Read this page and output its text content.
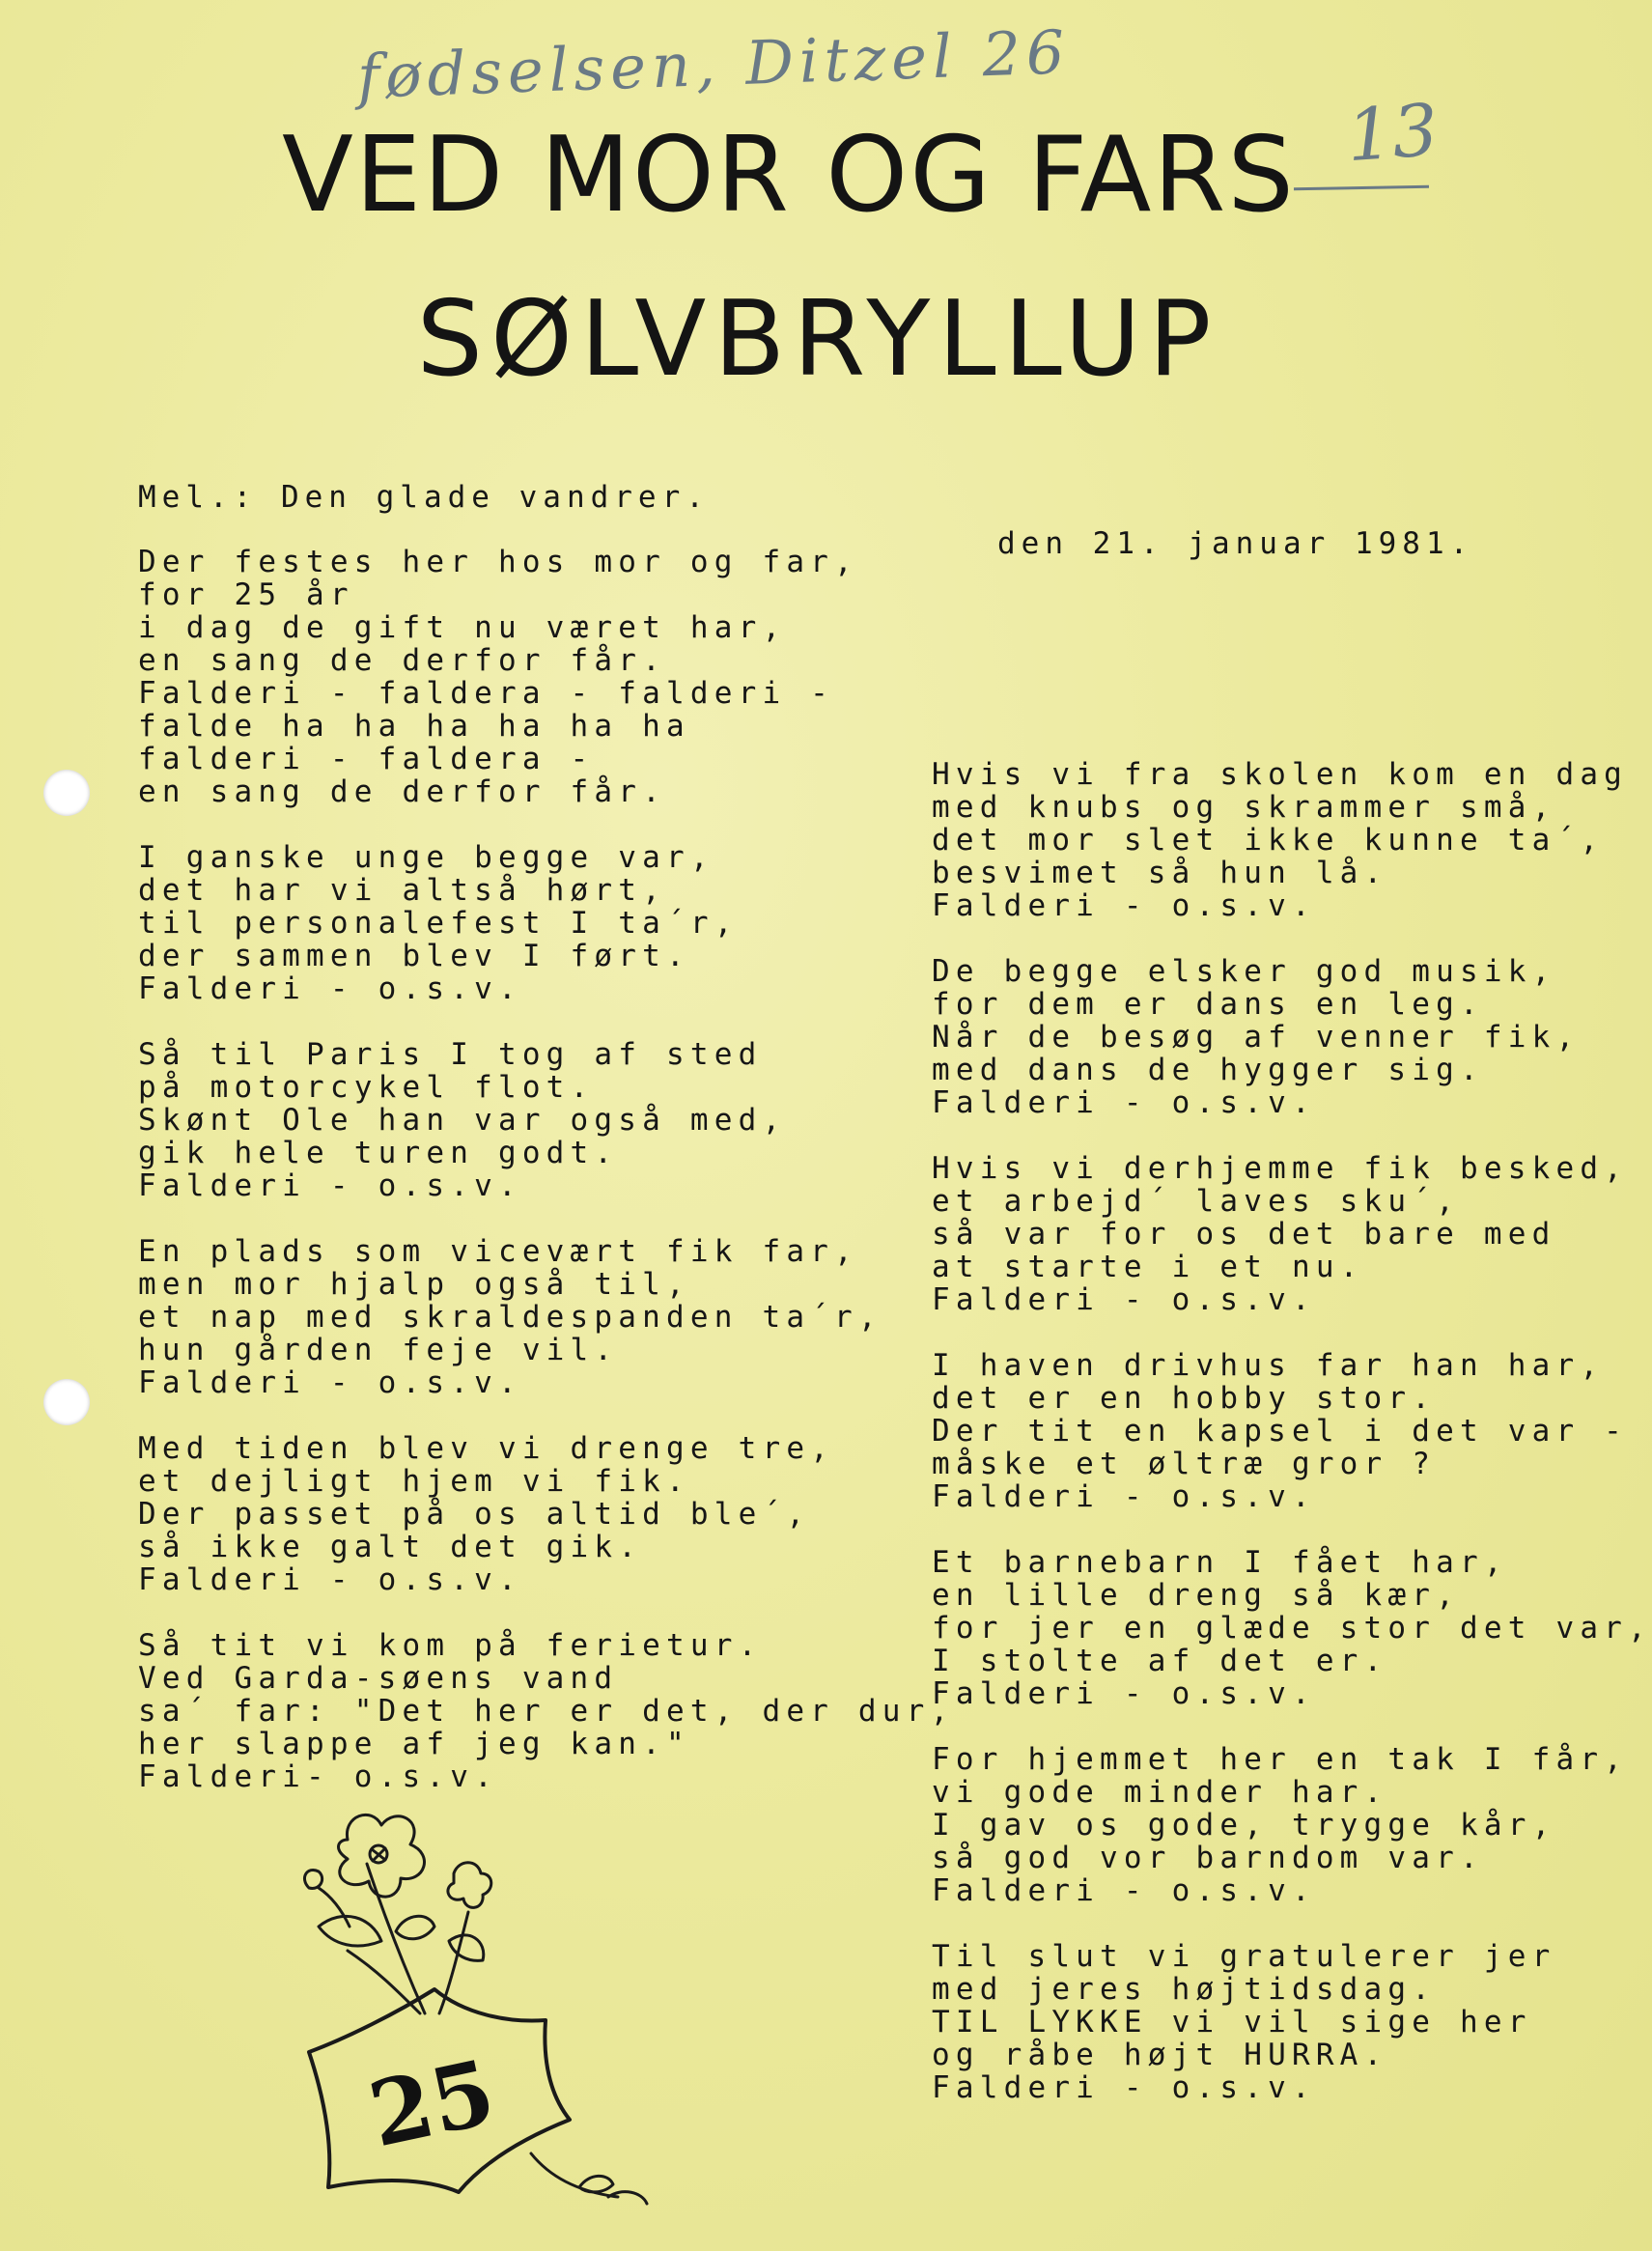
fødselsen, Ditzel 26
13
VED MOR OG FARS
SØLVBRYLLUP
Mel.: Den glade vandrer.
den 21. januar 1981.
Der festes her hos mor og far,
for 25 år
i dag de gift nu været har,
en sang de derfor får.
Falderi - faldera - falderi -
falde ha ha ha ha ha ha
falderi - faldera -
en sang de derfor får.
I ganske unge begge var,
det har vi altså hørt,
til personalefest I ta´r,
der sammen blev I ført.
Falderi - o.s.v.
Så til Paris I tog af sted
på motorcykel flot.
Skønt Ole han var også med,
gik hele turen godt.
Falderi - o.s.v.
En plads som vicevært fik far,
men mor hjalp også til,
et nap med skraldespanden ta´r,
hun gården feje vil.
Falderi - o.s.v.
Med tiden blev vi drenge tre,
et dejligt hjem vi fik.
Der passet på os altid ble´,
så ikke galt det gik.
Falderi - o.s.v.
Så tit vi kom på ferietur.
Ved Garda-søens vand
sa´ far: "Det her er det, der dur,
her slappe af jeg kan."
Falderi- o.s.v.
Hvis vi fra skolen kom en dag
med knubs og skrammer små,
det mor slet ikke kunne ta´,
besvimet så hun lå.
Falderi - o.s.v.
De begge elsker god musik,
for dem er dans en leg.
Når de besøg af venner fik,
med dans de hygger sig.
Falderi - o.s.v.
Hvis vi derhjemme fik besked,
et arbejd´ laves sku´,
så var for os det bare med
at starte i et nu.
Falderi - o.s.v.
I haven drivhus far han har,
det er en hobby stor.
Der tit en kapsel i det var -
måske et øltræ gror ?
Falderi - o.s.v.
Et barnebarn I fået har,
en lille dreng så kær,
for jer en glæde stor det var,
I stolte af det er.
Falderi - o.s.v.
For hjemmet her en tak I får,
vi gode minder har.
I gav os gode, trygge kår,
så god vor barndom var.
Falderi - o.s.v.
Til slut vi gratulerer jer
med jeres højtidsdag.
TIL LYKKE vi vil sige her
og råbe højt HURRA.
Falderi - o.s.v.
25
